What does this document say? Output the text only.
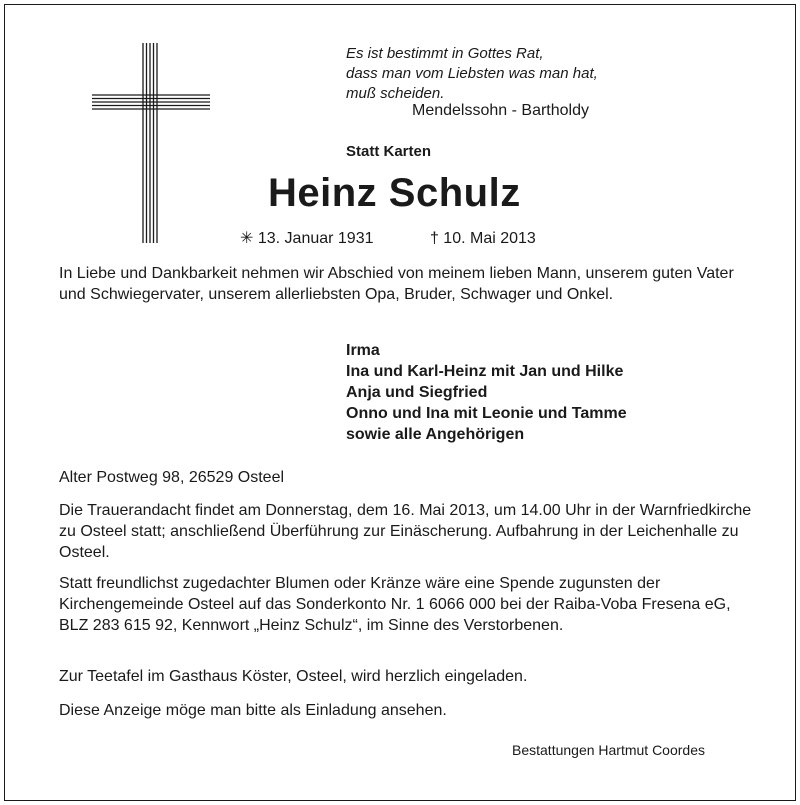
Es ist bestimmt in Gottes Rat,
dass man vom Liebsten was man hat,
muß scheiden.
Mendelssohn - Bartholdy
Statt Karten
Heinz Schulz
✳ 13. Januar 1931	† 10. Mai 2013
In Liebe und Dankbarkeit nehmen wir Abschied von meinem lieben Mann, unserem guten Vater und Schwiegervater, unserem allerliebsten Opa, Bruder, Schwager und Onkel.
Irma
Ina und Karl-Heinz mit Jan und Hilke
Anja und Siegfried
Onno und Ina mit Leonie und Tamme
sowie alle Angehörigen
Alter Postweg 98, 26529 Osteel
Die Trauerandacht findet am Donnerstag, dem 16. Mai 2013, um 14.00 Uhr in der Warnfriedkirche zu Osteel statt; anschließend Überführung zur Einäscherung. Aufbahrung in der Leichenhalle zu Osteel.
Statt freundlichst zugedachter Blumen oder Kränze wäre eine Spende zugunsten der Kirchengemeinde Osteel auf das Sonderkonto Nr. 1 6066 000 bei der Raiba-Voba Fresena eG, BLZ 283 615 92, Kennwort „Heinz Schulz“, im Sinne des Verstorbenen.
Zur Teetafel im Gasthaus Köster, Osteel, wird herzlich eingeladen.
Diese Anzeige möge man bitte als Einladung ansehen.
Bestattungen Hartmut Coordes
